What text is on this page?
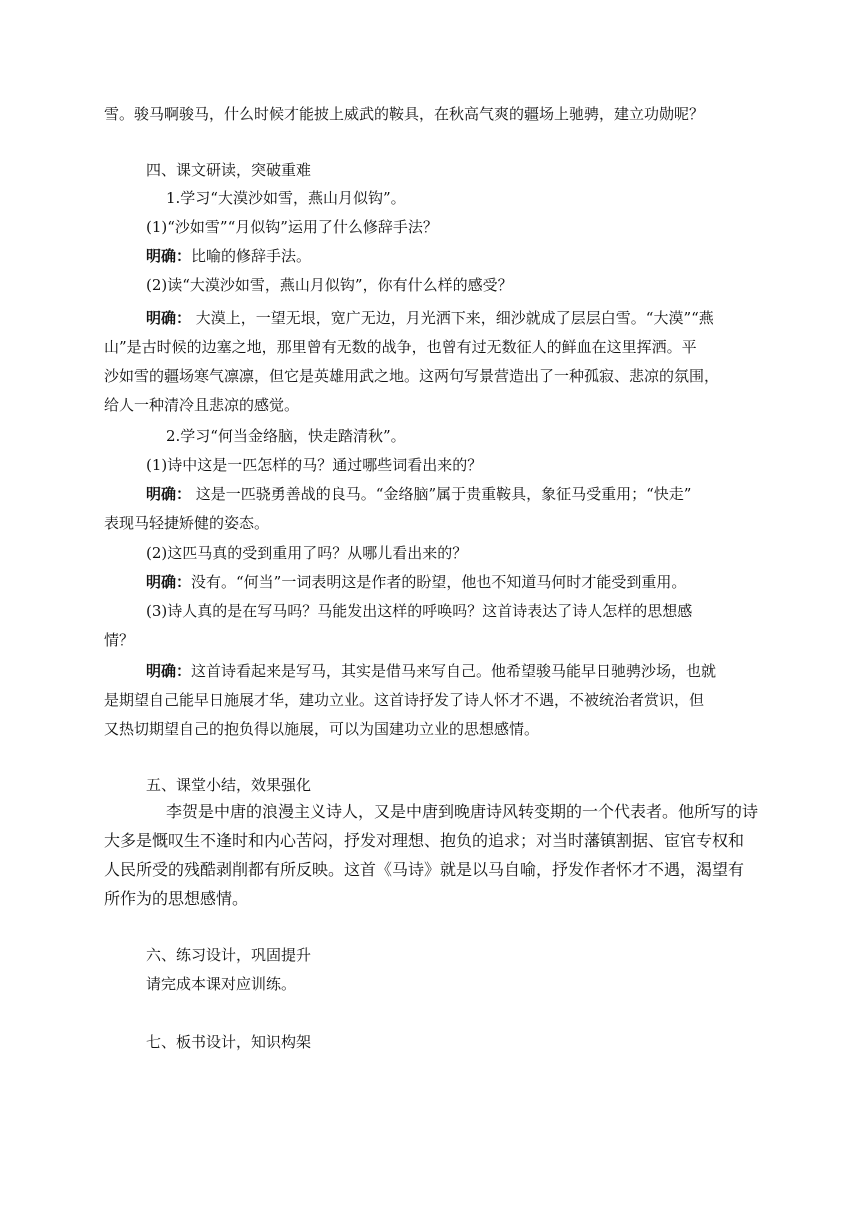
雪。骏马啊骏马，什么时候才能披上威武的鞍具，在秋高气爽的疆场上驰骋，建立功勋呢？
四、课文研读，突破重难
1.学习“大漠沙如雪，燕山月似钩”。
(1)“沙如雪”“月似钩”运用了什么修辞手法？
明确：比喻的修辞手法。
(2)读“大漠沙如雪，燕山月似钩”，你有什么样的感受？
明确： 大漠上，一望无垠，宽广无边，月光洒下来，细沙就成了层层白雪。“大漠”“燕
山”是古时候的边塞之地，那里曾有无数的战争，也曾有过无数征人的鲜血在这里挥洒。平
沙如雪的疆场寒气凛凛，但它是英雄用武之地。这两句写景营造出了一种孤寂、悲凉的氛围，
给人一种清冷且悲凉的感觉。
2.学习“何当金络脑，快走踏清秋”。
(1)诗中这是一匹怎样的马？通过哪些词看出来的？
明确： 这是一匹骁勇善战的良马。“金络脑”属于贵重鞍具，象征马受重用；“快走”
表现马轻捷矫健的姿态。
(2)这匹马真的受到重用了吗？从哪儿看出来的？
明确：没有。“何当”一词表明这是作者的盼望，他也不知道马何时才能受到重用。
(3)诗人真的是在写马吗？马能发出这样的呼唤吗？这首诗表达了诗人怎样的思想感
情？
明确：这首诗看起来是写马，其实是借马来写自己。他希望骏马能早日驰骋沙场，也就
是期望自己能早日施展才华，建功立业。这首诗抒发了诗人怀才不遇，不被统治者赏识，但
又热切期望自己的抱负得以施展，可以为国建功立业的思想感情。
五、课堂小结，效果强化
李贺是中唐的浪漫主义诗人，又是中唐到晚唐诗风转变期的一个代表者。他所写的诗
大多是慨叹生不逢时和内心苦闷，抒发对理想、抱负的追求；对当时藩镇割据、宦官专权和
人民所受的残酷剥削都有所反映。这首《马诗》就是以马自喻，抒发作者怀才不遇，渴望有
所作为的思想感情。
六、练习设计，巩固提升
请完成本课对应训练。
七、板书设计，知识构架
